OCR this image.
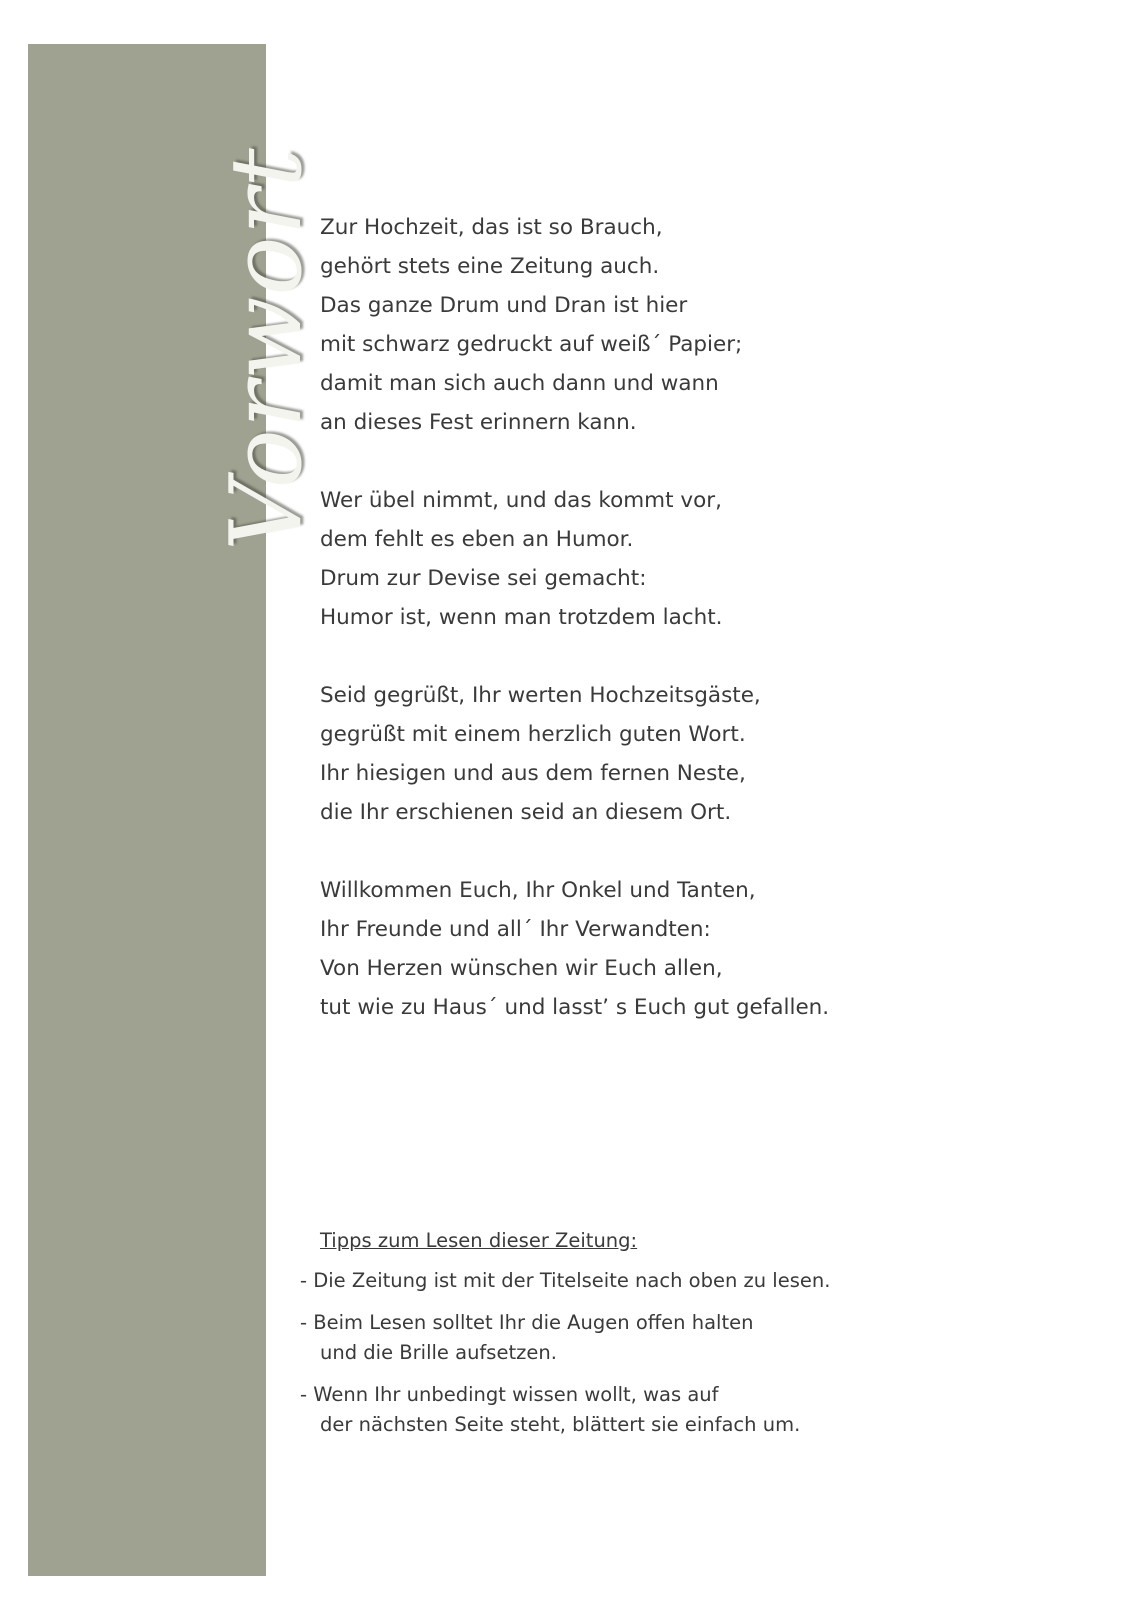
Vorwort
Zur Hochzeit, das ist so Brauch,
gehört stets eine Zeitung auch.
Das ganze Drum und Dran ist hier
mit schwarz gedruckt auf weiß´ Papier;
damit man sich auch dann und wann
an dieses Fest erinnern kann.
Wer übel nimmt, und das kommt vor,
dem fehlt es eben an Humor.
Drum zur Devise sei gemacht:
Humor ist, wenn man trotzdem lacht.
Seid gegrüßt, Ihr werten Hochzeitsgäste,
gegrüßt mit einem herzlich guten Wort.
Ihr hiesigen und aus dem fernen Neste,
die Ihr erschienen seid an diesem Ort.
Willkommen Euch, Ihr Onkel und Tanten,
Ihr Freunde und all´ Ihr Verwandten:
Von Herzen wünschen wir Euch allen,
tut wie zu Haus´ und lasst’ s Euch gut gefallen.
Tipps zum Lesen dieser Zeitung:
- Die Zeitung ist mit der Titelseite nach oben zu lesen.
- Beim Lesen solltet Ihr die Augen offen halten
und die Brille aufsetzen.
- Wenn Ihr unbedingt wissen wollt, was auf
der nächsten Seite steht, blättert sie einfach um.
